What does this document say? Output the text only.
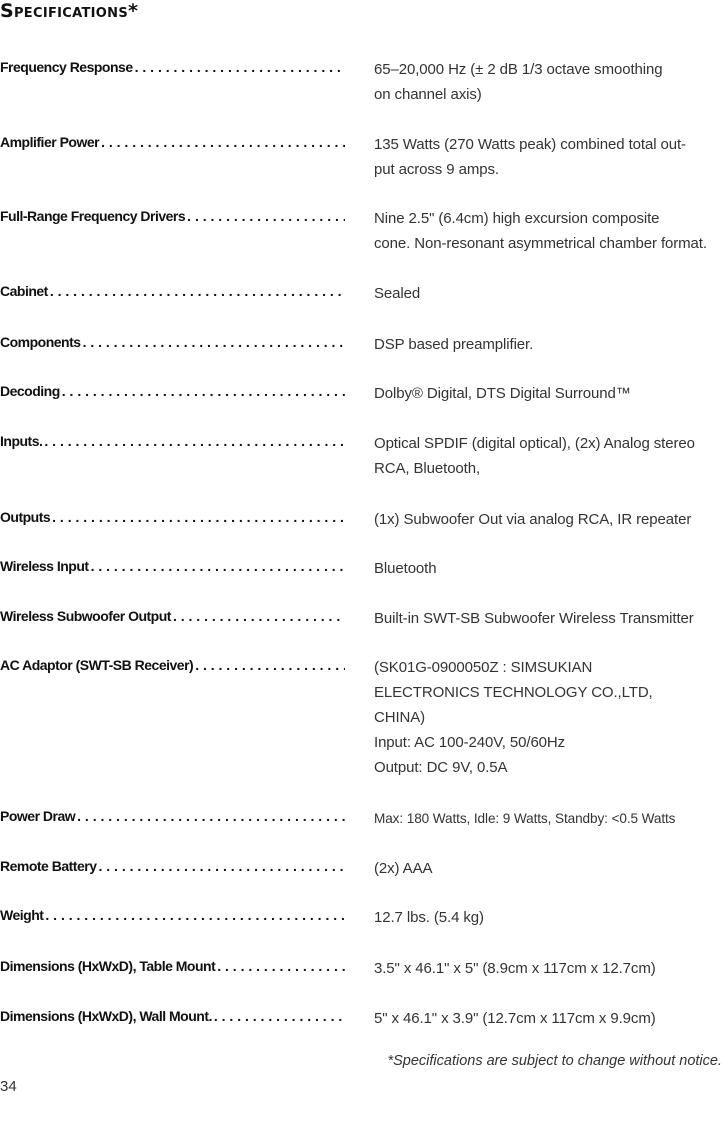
Specifications*
Frequency Response . . .	65–20,000 Hz (± 2 dB 1/3 octave smoothing
on channel axis)
Amplifier Power . . .	135 Watts (270 Watts peak) combined total out-
put across 9 amps.
Full-Range Frequency Drivers . . .	Nine 2.5" (6.4cm) high excursion composite
cone. Non-resonant asymmetrical chamber format.
Cabinet . . .	Sealed
Components . . .	DSP based preamplifier.
Decoding . . .	Dolby® Digital, DTS Digital Surround™
Inputs. . . .	Optical SPDIF (digital optical), (2x) Analog stereo
RCA, Bluetooth,
Outputs . . .	(1x) Subwoofer Out via analog RCA, IR repeater
Wireless Input . . .	Bluetooth
Wireless Subwoofer Output . . .	Built-in SWT-SB Subwoofer Wireless Transmitter
AC Adaptor (SWT-SB Receiver) . . .	(SK01G-0900050Z : SIMSUKIAN
ELECTRONICS TECHNOLOGY CO.,LTD,
CHINA)
Input: AC 100-240V, 50/60Hz
Output: DC 9V, 0.5A
Power Draw . . .	Max: 180 Watts, Idle: 9 Watts, Standby: <0.5 Watts
Remote Battery . . .	(2x) AAA
Weight . . .	12.7 lbs. (5.4 kg)
Dimensions (HxWxD), Table Mount . . .	3.5" x 46.1" x 5" (8.9cm x 117cm x 12.7cm)
Dimensions (HxWxD), Wall Mount. . . .	5" x 46.1" x 3.9" (12.7cm x 117cm x 9.9cm)
*Specifications are subject to change without notice.
34
